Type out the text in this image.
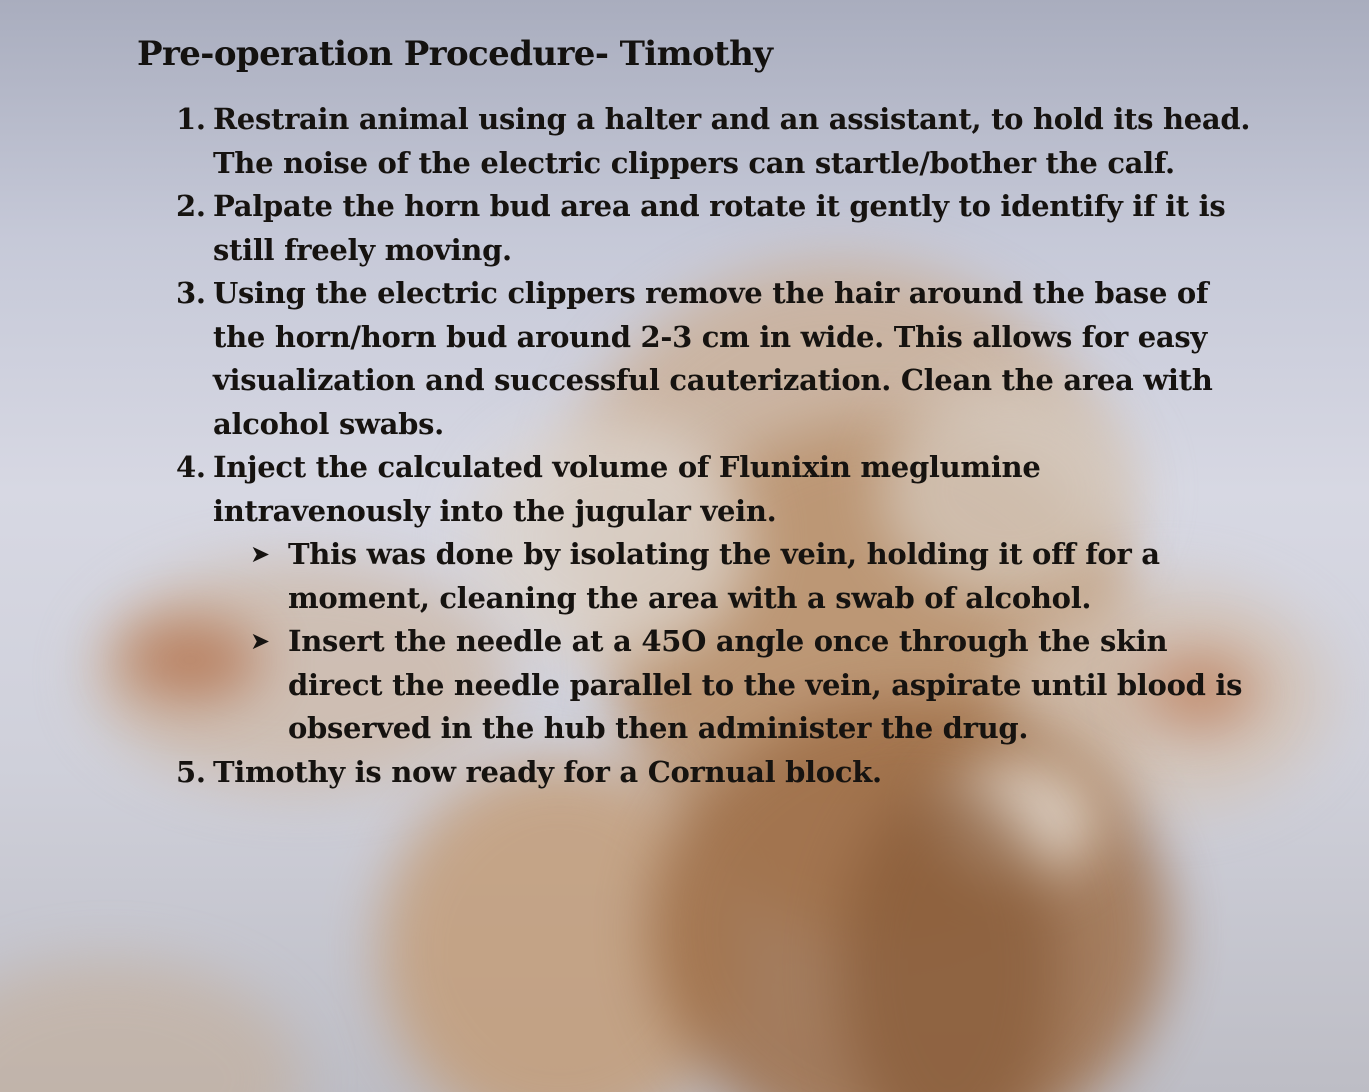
Pre-operation Procedure- Timothy
1. Restrain animal using a halter and an assistant, to hold its head. The noise of the electric clippers can startle/bother the calf.
2. Palpate the horn bud area and rotate it gently to identify if it is still freely moving.
3. Using the electric clippers remove the hair around the base of the horn/horn bud around 2-3 cm in wide. This allows for easy visualization and successful cauterization. Clean the area with alcohol swabs.
4. Inject the calculated volume of Flunixin meglumine intravenously into the jugular vein.
➤ This was done by isolating the vein, holding it off for a moment, cleaning the area with a swab of alcohol.
➤ Insert the needle at a 45O angle once through the skin direct the needle parallel to the vein, aspirate until blood is observed in the hub then administer the drug.
5. Timothy is now ready for a Cornual block.
